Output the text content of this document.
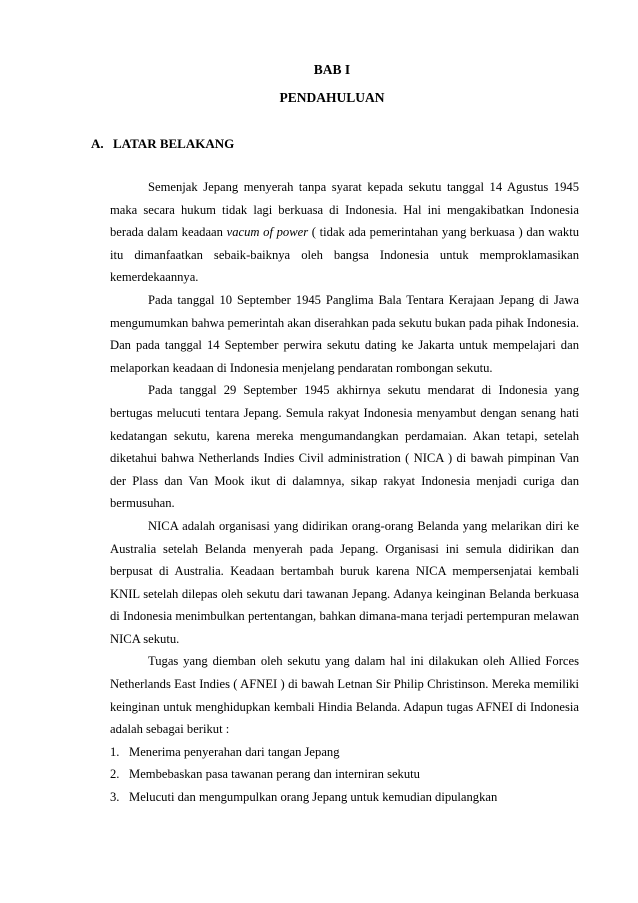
BAB I
PENDAHULUAN
A. LATAR BELAKANG

Semenjak Jepang menyerah tanpa syarat kepada sekutu tanggal 14 Agustus 1945 maka secara hukum tidak lagi berkuasa di Indonesia. Hal ini mengakibatkan Indonesia berada dalam keadaan vacum of power ( tidak ada pemerintahan yang berkuasa ) dan waktu itu dimanfaatkan sebaik-baiknya oleh bangsa Indonesia untuk memproklamasikan kemerdekaannya.

Pada tanggal 10 September 1945 Panglima Bala Tentara Kerajaan Jepang di Jawa mengumumkan bahwa pemerintah akan diserahkan pada sekutu bukan pada pihak Indonesia. Dan pada tanggal 14 September perwira sekutu dating ke Jakarta untuk mempelajari dan melaporkan keadaan di Indonesia menjelang pendaratan rombongan sekutu.

Pada tanggal 29 September 1945 akhirnya sekutu mendarat di Indonesia yang bertugas melucuti tentara Jepang. Semula rakyat Indonesia menyambut dengan senang hati kedatangan sekutu, karena mereka mengumandangkan perdamaian. Akan tetapi, setelah diketahui bahwa Netherlands Indies Civil administration ( NICA ) di bawah pimpinan Van der Plass dan Van Mook ikut di dalamnya, sikap rakyat Indonesia menjadi curiga dan bermusuhan.

NICA adalah organisasi yang didirikan orang-orang Belanda yang melarikan diri ke Australia setelah Belanda menyerah pada Jepang. Organisasi ini semula didirikan dan berpusat di Australia. Keadaan bertambah buruk karena NICA mempersenjatai kembali KNIL setelah dilepas oleh sekutu dari tawanan Jepang. Adanya keinginan Belanda berkuasa di Indonesia menimbulkan pertentangan, bahkan dimana-mana terjadi pertempuran melawan NICA sekutu.

Tugas yang diemban oleh sekutu yang dalam hal ini dilakukan oleh Allied Forces Netherlands East Indies ( AFNEI ) di bawah Letnan Sir Philip Christinson. Mereka memiliki keinginan untuk menghidupkan kembali Hindia Belanda. Adapun tugas AFNEI di Indonesia adalah sebagai berikut :

1. Menerima penyerahan dari tangan Jepang
2. Membebaskan pasa tawanan perang dan interniran sekutu
3. Melucuti dan mengumpulkan orang Jepang untuk kemudian dipulangkan
